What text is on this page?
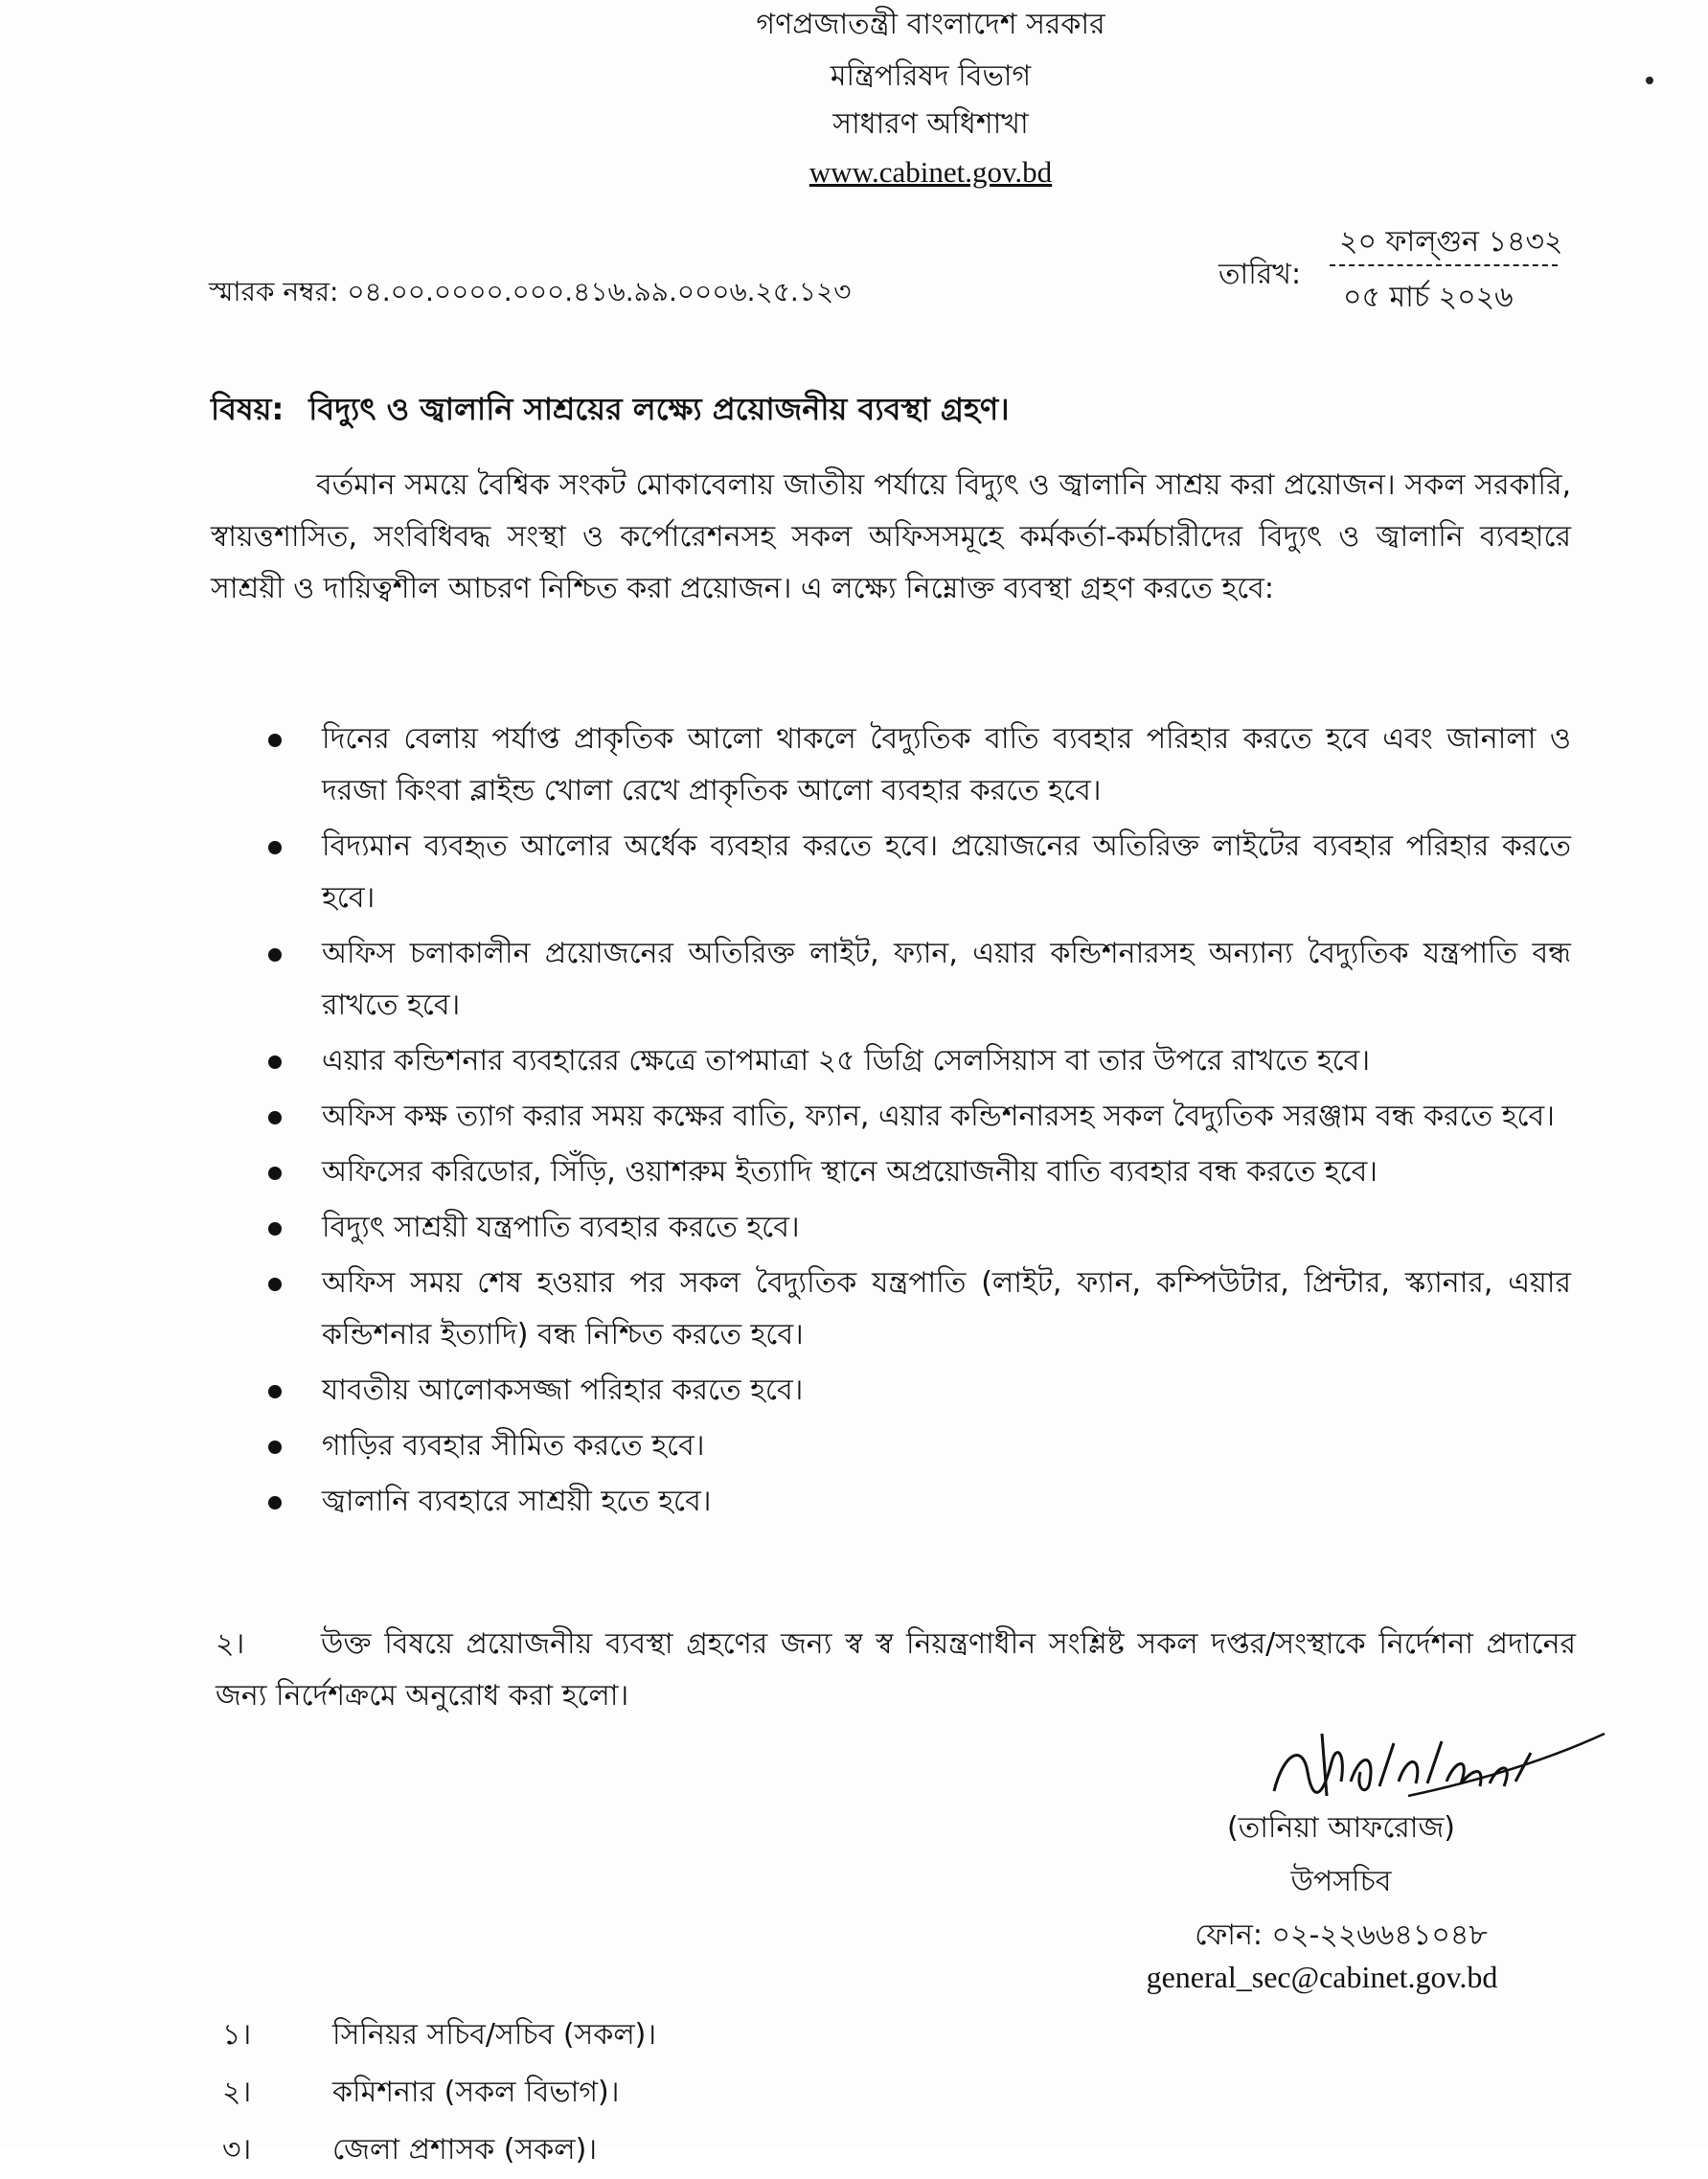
গণপ্রজাতন্ত্রী বাংলাদেশ সরকার
মন্ত্রিপরিষদ বিভাগ
সাধারণ অধিশাখা
www.cabinet.gov.bd
স্মারক নম্বর: ০৪.০০.০০০০.০০০.৪১৬.৯৯.০০০৬.২৫.১২৩
তারিখ:
২০ ফাল্গুন ১৪৩২
০৫ মার্চ ২০২৬
বিষয়: বিদ্যুৎ ও জ্বালানি সাশ্রয়ের লক্ষ্যে প্রয়োজনীয় ব্যবস্থা গ্রহণ।
বর্তমান সময়ে বৈশ্বিক সংকট মোকাবেলায় জাতীয় পর্যায়ে বিদ্যুৎ ও জ্বালানি সাশ্রয় করা প্রয়োজন। সকল সরকারি, স্বায়ত্তশাসিত, সংবিধিবদ্ধ সংস্থা ও কর্পোরেশনসহ সকল অফিসসমূহে কর্মকর্তা-কর্মচারীদের বিদ্যুৎ ও জ্বালানি ব্যবহারে সাশ্রয়ী ও দায়িত্বশীল আচরণ নিশ্চিত করা প্রয়োজন। এ লক্ষ্যে নিম্নোক্ত ব্যবস্থা গ্রহণ করতে হবে:
দিনের বেলায় পর্যাপ্ত প্রাকৃতিক আলো থাকলে বৈদ্যুতিক বাতি ব্যবহার পরিহার করতে হবে এবং জানালা ও দরজা কিংবা ব্লাইন্ড খোলা রেখে প্রাকৃতিক আলো ব্যবহার করতে হবে।
বিদ্যমান ব্যবহৃত আলোর অর্ধেক ব্যবহার করতে হবে। প্রয়োজনের অতিরিক্ত লাইটের ব্যবহার পরিহার করতে হবে।
অফিস চলাকালীন প্রয়োজনের অতিরিক্ত লাইট, ফ্যান, এয়ার কন্ডিশনারসহ অন্যান্য বৈদ্যুতিক যন্ত্রপাতি বন্ধ রাখতে হবে।
এয়ার কন্ডিশনার ব্যবহারের ক্ষেত্রে তাপমাত্রা ২৫ ডিগ্রি সেলসিয়াস বা তার উপরে রাখতে হবে।
অফিস কক্ষ ত্যাগ করার সময় কক্ষের বাতি, ফ্যান, এয়ার কন্ডিশনারসহ সকল বৈদ্যুতিক সরঞ্জাম বন্ধ করতে হবে।
অফিসের করিডোর, সিঁড়ি, ওয়াশরুম ইত্যাদি স্থানে অপ্রয়োজনীয় বাতি ব্যবহার বন্ধ করতে হবে।
বিদ্যুৎ সাশ্রয়ী যন্ত্রপাতি ব্যবহার করতে হবে।
অফিস সময় শেষ হওয়ার পর সকল বৈদ্যুতিক যন্ত্রপাতি (লাইট, ফ্যান, কম্পিউটার, প্রিন্টার, স্ক্যানার, এয়ার কন্ডিশনার ইত্যাদি) বন্ধ নিশ্চিত করতে হবে।
যাবতীয় আলোকসজ্জা পরিহার করতে হবে।
গাড়ির ব্যবহার সীমিত করতে হবে।
জ্বালানি ব্যবহারে সাশ্রয়ী হতে হবে।
২।	উক্ত বিষয়ে প্রয়োজনীয় ব্যবস্থা গ্রহণের জন্য স্ব স্ব নিয়ন্ত্রণাধীন সংশ্লিষ্ট সকল দপ্তর/সংস্থাকে নির্দেশনা প্রদানের জন্য নির্দেশক্রমে অনুরোধ করা হলো।
(তানিয়া আফরোজ)
উপসচিব
ফোন: ০২-২২৬৬৪১০৪৮
general_sec@cabinet.gov.bd
১।	সিনিয়র সচিব/সচিব (সকল)।
২।	কমিশনার (সকল বিভাগ)।
৩।	জেলা প্রশাসক (সকল)।
